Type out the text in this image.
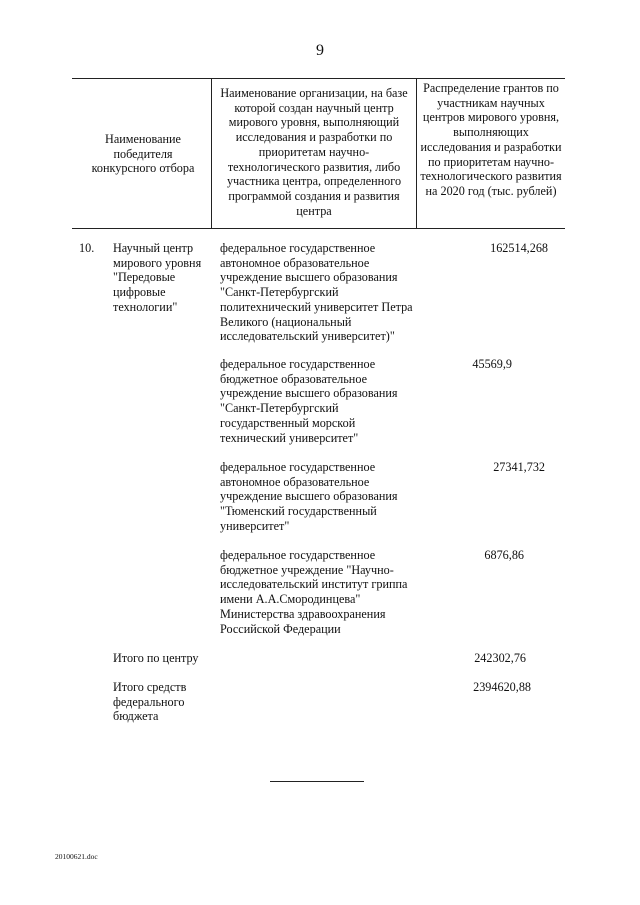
9
Наименование победителя конкурсного отбора
Наименование организации, на базе которой создан научный центр мирового уровня, выполняющий исследования и разработки по приоритетам научно-технологического развития, либо участника центра, определенного программой создания и развития центра
Распределение грантов по участникам научных центров мирового уровня, выполняющих исследования и разработки по приоритетам научно-технологического развития на 2020 год (тыс. рублей)
10. Научный центр мирового уровня "Передовые цифровые технологии"
федеральное государственное автономное образовательное учреждение высшего образования "Санкт-Петербургский политехнический университет Петра Великого (национальный исследовательский университет)"
162514,268
федеральное государственное бюджетное образовательное учреждение высшего образования "Санкт-Петербургский государственный морской технический университет"
45569,9
федеральное государственное автономное образовательное учреждение высшего образования "Тюменский государственный университет"
27341,732
федеральное государственное бюджетное учреждение "Научно-исследовательский институт гриппа имени А.А.Смородинцева" Министерства здравоохранения Российской Федерации
6876,86
Итого по центру	242302,76
Итого средств федерального бюджета
2394620,88
20100621.doc
